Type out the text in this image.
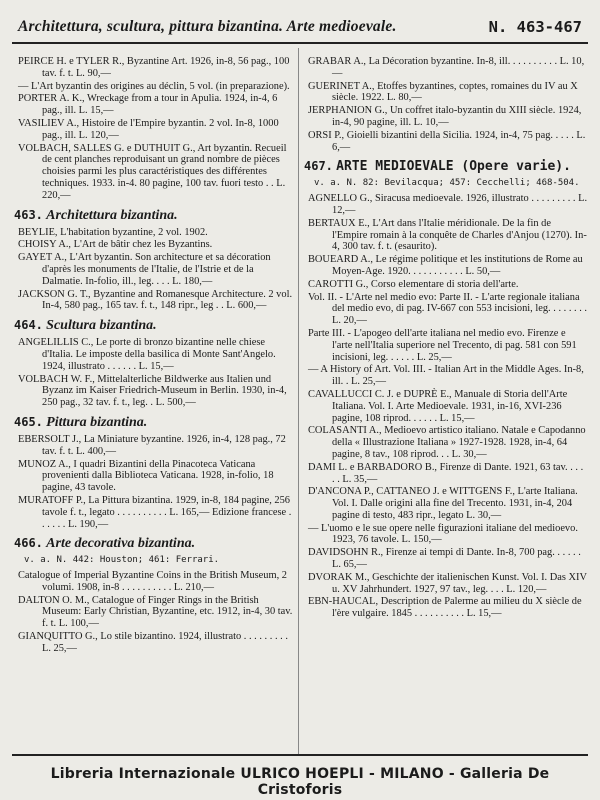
Architettura, scultura, pittura bizantina. Arte medioevale.	N. 463-467

PEIRCE H. e TYLER R., Byzantine Art. 1926, in-8, 56 pag., 100 tav. f. t. L. 90,—

— L'Art byzantin des origines au déclin, 5 vol. (in preparazione).

PORTER A. K., Wreckage from a tour in Apulia. 1924, in-4, 6 pag., ill. L. 15,—

VASILIEV A., Histoire de l'Empire byzantin. 2 vol. In-8, 1000 pag., ill. L. 120,—

VOLBACH, SALLES G. e DUTHUIT G., Art byzantin. Recueil de cent planches reproduisant un grand nombre de pièces choisies parmi les plus caractéristiques des différentes techniques. 1933. in-4. 80 pagine, 100 tav. fuori testo . . L. 220,—

463. Architettura bizantina.

BEYLIE, L'habitation byzantine, 2 vol. 1902.

CHOISY A., L'Art de bâtir chez les Byzantins.

GAYET A., L'Art byzantin. Son architecture et sa décoration d'après les monuments de l'Italie, de l'Istrie et de la Dalmatie. In-folio, ill., leg. . . . L. 180,—

JACKSON G. T., Byzantine and Romanesque Architecture. 2 vol. In-4, 580 pag., 165 tav. f. t., 148 ripr., leg . . L. 600,—

464. Scultura bizantina.

ANGELILLIS C., Le porte di bronzo bizantine nelle chiese d'Italia. Le imposte della basilica di Monte Sant'Angelo. 1924, illustrato . . . . . . L. 15,—

VOLBACH W. F., Mittelalterliche Bildwerke aus Italien und Byzanz im Kaiser Friedrich-Museum in Berlin. 1930, in-4, 250 pag., 32 tav. f. t., leg. . L. 500,—

465. Pittura bizantina.

EBERSOLT J., La Miniature byzantine. 1926, in-4, 128 pag., 72 tav. f. t. L. 400,—

MUNOZ A., I quadri Bizantini della Pinacoteca Vaticana provenienti dalla Biblioteca Vaticana. 1928, in-folio, 18 pagine, 43 tavole.

MURATOFF P., La Pittura bizantina. 1929, in-8, 184 pagine, 256 tavole f. t., legato . . . . . . . . . . L. 165,— Edizione francese . . . . . . L. 190,—

466. Arte decorativa bizantina.
v. a. N. 442: Houston; 461: Ferrari.

Catalogue of Imperial Byzantine Coins in the British Museum, 2 volumi. 1908, in-8 . . . . . . . . . . L. 210,—

DALTON O. M., Catalogue of Finger Rings in the British Museum: Early Christian, Byzantine, etc. 1912, in-4, 30 tav. f. t. L. 100,—

GIANQUITTO G., Lo stile bizantino. 1924, illustrato . . . . . . . . . L. 25,—

GRABAR A., La Décoration byzantine. In-8, ill. . . . . . . . . . L. 10,—

GUERINET A., Etoffes byzantines, coptes, romaines du IV au X siècle. 1922. L. 80,—

JERPHANION G., Un coffret italo-byzantin du XIII siècle. 1924, in-4, 90 pagine, ill. L. 10,—

ORSI P., Gioielli bizantini della Sicilia. 1924, in-4, 75 pag. . . . . L. 6,—

467. ARTE MEDIOEVALE (Opere varie).
v. a. N. 82: Bevilacqua; 457: Cecchelli; 468-504.

AGNELLO G., Siracusa medioevale. 1926, illustrato . . . . . . . . . L. 12,—

BERTAUX E., L'Art dans l'Italie méridionale. De la fin de l'Empire romain à la conquête de Charles d'Anjou (1270). In-4, 300 tav. f. t. (esaurito).

BOUEARD A., Le régime politique et les institutions de Rome au Moyen-Age. 1920. . . . . . . . . . . L. 50,—

CAROTTI G., Corso elementare di storia dell'arte.

Vol. II. - L'Arte nel medio evo: Parte II. - L'arte regionale italiana del medio evo, di pag. IV-667 con 553 incisioni, leg. . . . . . . . L. 20,—

Parte III. - L'apogeo dell'arte italiana nel medio evo. Firenze e l'arte nell'Italia superiore nel Trecento, di pag. 581 con 591 incisioni, leg. . . . . . L. 25,—

— A History of Art. Vol. III. - Italian Art in the Middle Ages. In-8, ill. . L. 25,—

CAVALLUCCI C. J. e DUPRÈ E., Manuale di Storia dell'Arte Italiana. Vol. I. Arte Medioevale. 1931, in-16, XVI-236 pagine, 108 riprod. . . . . . L. 15,—

COLASANTI A., Medioevo artistico italiano. Natale e Capodanno della « Illustrazione Italiana » 1927-1928. 1928, in-4, 64 pagine, 8 tav., 108 riprod. . . L. 30,—

DAMI L. e BARBADORO B., Firenze di Dante. 1921, 63 tav. . . . . . L. 35,—

D'ANCONA P., CATTANEO J. e WITTGENS F., L'arte Italiana. Vol. I. Dalle origini alla fine del Trecento. 1931, in-4, 204 pagine di testo, 483 ripr., legato L. 30,—

— L'uomo e le sue opere nelle figurazioni italiane del medioevo. 1923, 76 tavole. L. 150,—

DAVIDSOHN R., Firenze ai tempi di Dante. In-8, 700 pag. . . . . . L. 65,—

DVORAK M., Geschichte der italienischen Kunst. Vol. I. Das XIV u. XV Jahrhundert. 1927, 97 tav., leg. . . . L. 120,—

EBN-HAUCAL, Description de Palerme au milieu du X siècle de l'ère vulgaire. 1845 . . . . . . . . . . L. 15,—

Libreria Internazionale ULRICO HOEPLI - MILANO - Galleria De Cristoforis
